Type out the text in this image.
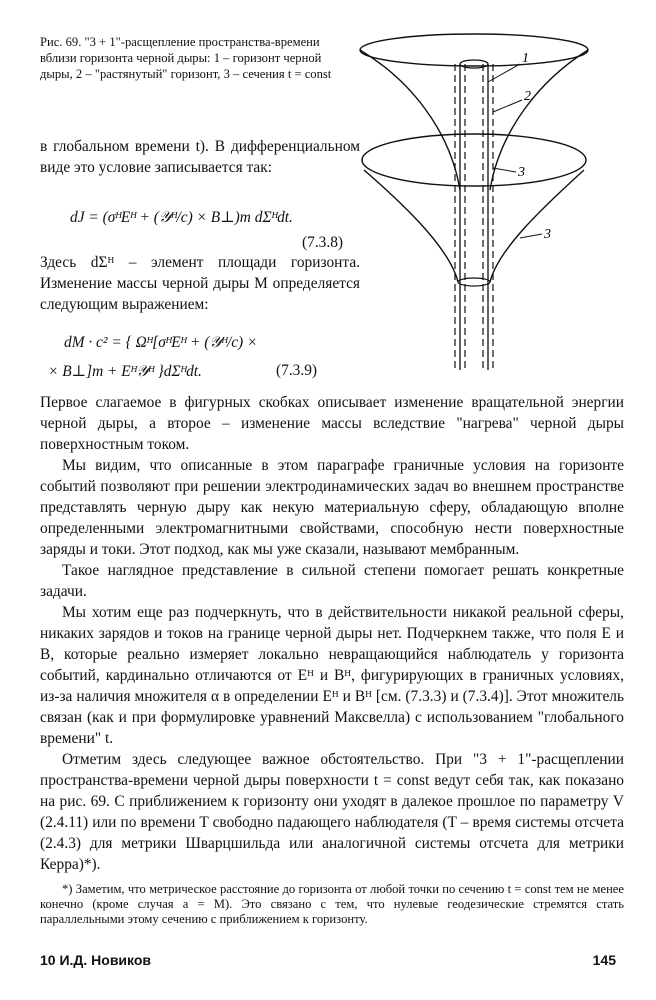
Рис. 69. "3 + 1"-расщепление пространства-времени вблизи горизонта черной дыры: 1 – горизонт черной дыры, 2 – "растянутый" горизонт, 3 – сечения t = const
1
2
3
3

в глобальном времени t). В дифференциальном виде это условие записывается так:

dJ = (σᴴEᴴ + (𝒴ᴴ/c) × B⊥)m dΣᴴdt.
(7.3.8)

Здесь dΣᴴ – элемент площади горизонта. Изменение массы черной дыры M определяется следующим выражением:

dM · c² = { Ωᴴ[σᴴEᴴ + (𝒴ᴴ/c) ×
× B⊥]m + Eᴴ𝒴ᴴ }dΣᴴdt.	(7.3.9)

Первое слагаемое в фигурных скобках описывает изменение вращательной энергии черной дыры, а второе – изменение массы вследствие "нагрева" черной дыры поверхностным током.

Мы видим, что описанные в этом параграфе граничные условия на горизонте событий позволяют при решении электродинамических задач во внешнем пространстве представлять черную дыру как некую материальную сферу, обладающую вполне определенными электромагнитными свойствами, способную нести поверхностные заряды и токи. Этот подход, как мы уже сказали, называют мембранным.

Такое наглядное представление в сильной степени помогает решать конкретные задачи.

Мы хотим еще раз подчеркнуть, что в действительности никакой реальной сферы, никаких зарядов и токов на границе черной дыры нет. Подчеркнем также, что поля E и B, которые реально измеряет локально невращающийся наблюдатель у горизонта событий, кардинально отличаются от Eᴴ и Bᴴ, фигурирующих в граничных условиях, из-за наличия множителя α в определении Eᴴ и Bᴴ [см. (7.3.3) и (7.3.4)]. Этот множитель связан (как и при формулировке уравнений Максвелла) с использованием "глобального времени" t.

Отметим здесь следующее важное обстоятельство. При "3 + 1"-расщеплении пространства-времени черной дыры поверхности t = const ведут себя так, как показано на рис. 69. С приближением к горизонту они уходят в далекое прошлое по параметру V (2.4.11) или по времени T свободно падающего наблюдателя (T – время системы отсчета (2.4.3) для метрики Шварцшильда или аналогичной системы отсчета для метрики Керра)*).

*) Заметим, что метрическое расстояние до горизонта от любой точки по сечению t = const тем не менее конечно (кроме случая a = M). Это связано с тем, что нулевые геодезические стремятся стать параллельными этому сечению с приближением к горизонту.

10 И.Д. Новиков	145
